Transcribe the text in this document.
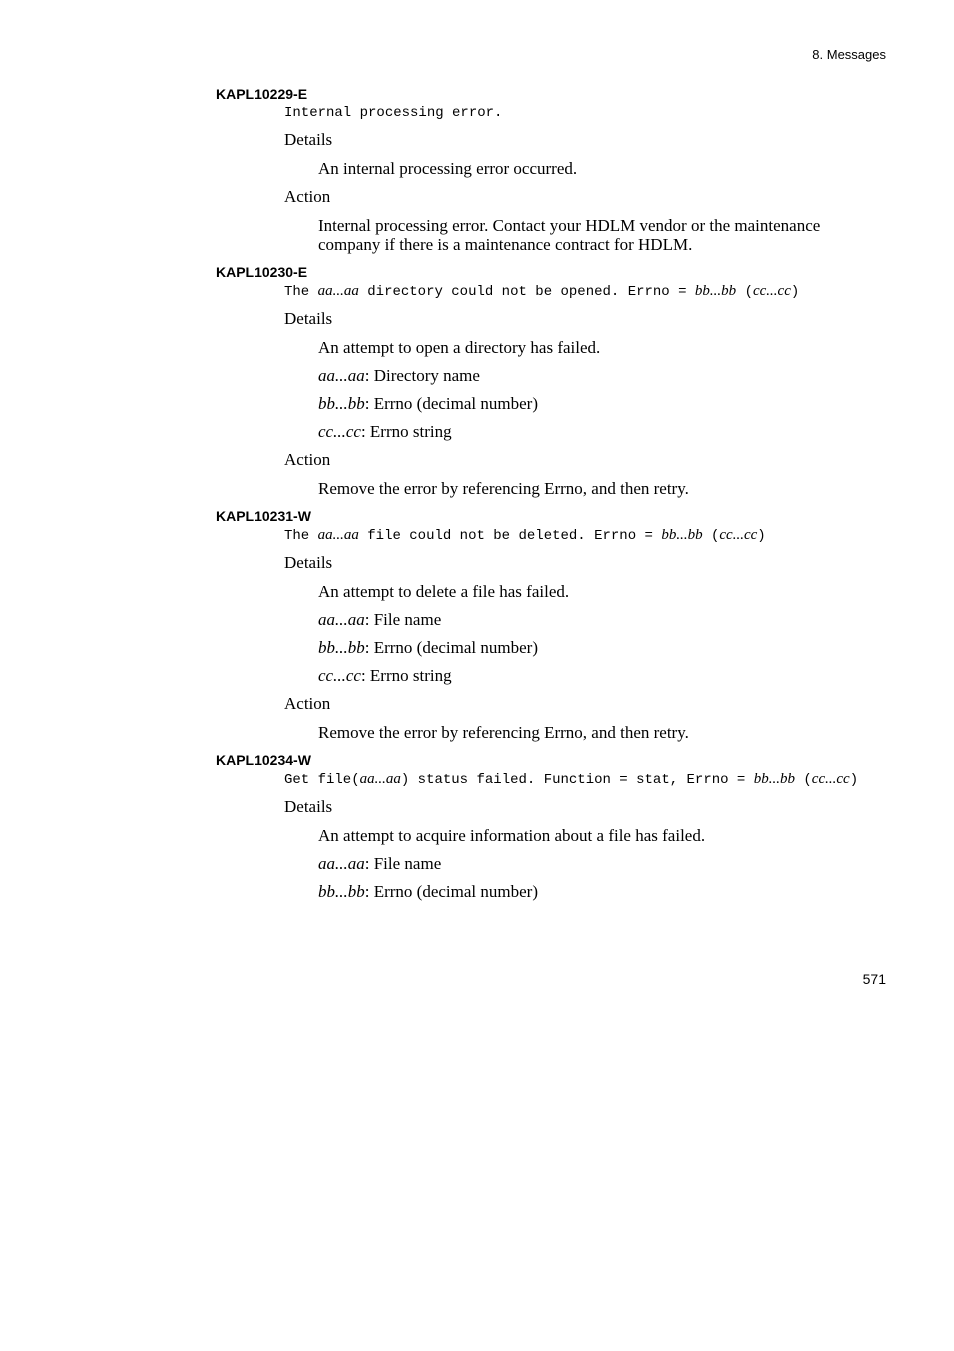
8. Messages
KAPL10229-E
Internal processing error.
Details
An internal processing error occurred.
Action
Internal processing error. Contact your HDLM vendor or the maintenance company if there is a maintenance contract for HDLM.
KAPL10230-E
The aa...aa directory could not be opened. Errno = bb...bb (cc...cc)
Details
An attempt to open a directory has failed.
aa...aa: Directory name
bb...bb: Errno (decimal number)
cc...cc: Errno string
Action
Remove the error by referencing Errno, and then retry.
KAPL10231-W
The aa...aa file could not be deleted. Errno = bb...bb (cc...cc)
Details
An attempt to delete a file has failed.
aa...aa: File name
bb...bb: Errno (decimal number)
cc...cc: Errno string
Action
Remove the error by referencing Errno, and then retry.
KAPL10234-W
Get file(aa...aa) status failed. Function = stat, Errno = bb...bb (cc...cc)
Details
An attempt to acquire information about a file has failed.
aa...aa: File name
bb...bb: Errno (decimal number)
571
